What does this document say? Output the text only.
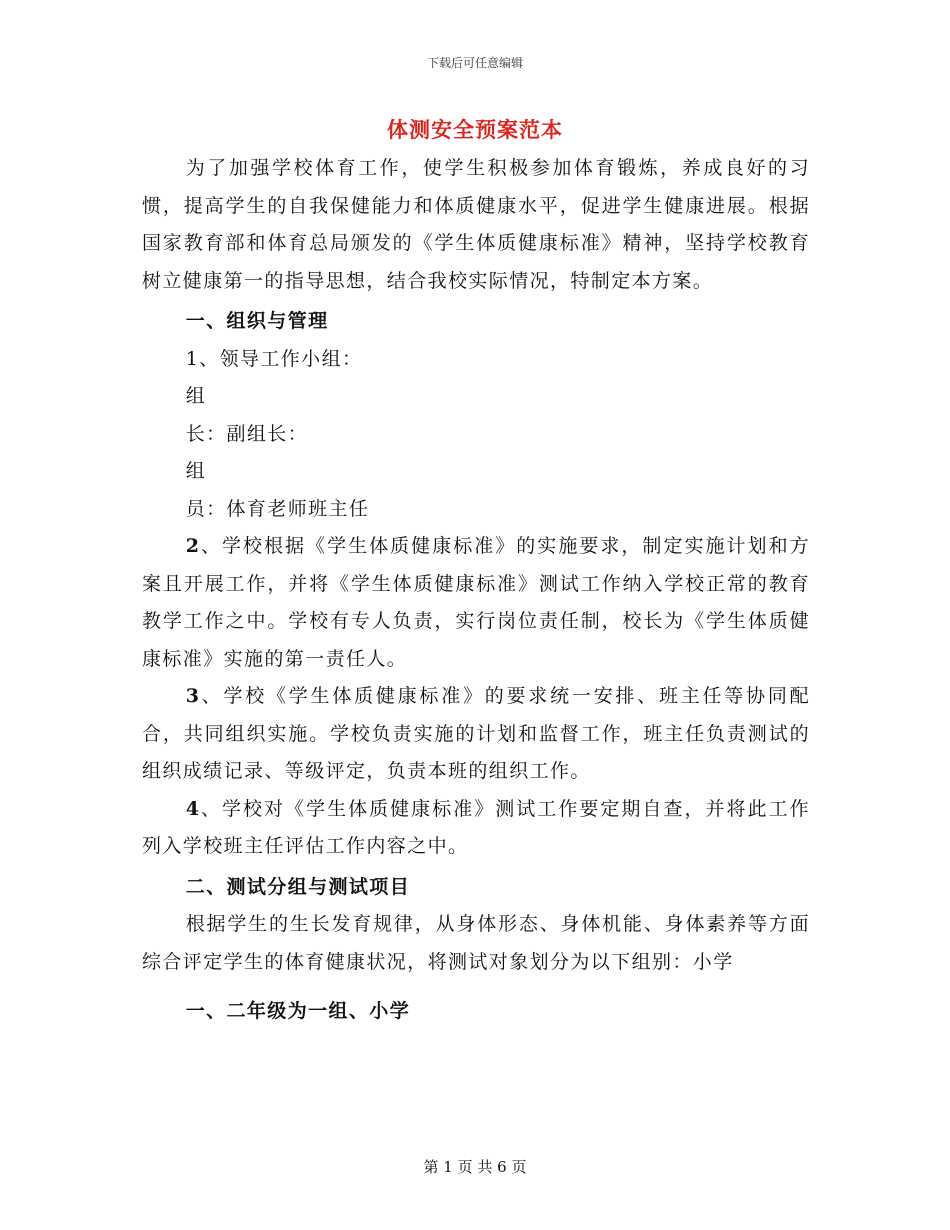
下载后可任意编辑
体测安全预案范本

为了加强学校体育工作，使学生积极参加体育锻炼，养成良好的习惯，提高学生的自我保健能力和体质健康水平，促进学生健康进展。根据国家教育部和体育总局颁发的《学生体质健康标准》精神，坚持学校教育树立健康第一的指导思想，结合我校实际情况，特制定本方案。

一、组织与管理

1、领导工作小组：

组

长：副组长：

组

员：体育老师班主任

2、学校根据《学生体质健康标准》的实施要求，制定实施计划和方案且开展工作，并将《学生体质健康标准》测试工作纳入学校正常的教育教学工作之中。学校有专人负责，实行岗位责任制，校长为《学生体质健康标准》实施的第一责任人。

3、学校《学生体质健康标准》的要求统一安排、班主任等协同配合，共同组织实施。学校负责实施的计划和监督工作，班主任负责测试的组织成绩记录、等级评定，负责本班的组织工作。

4、学校对《学生体质健康标准》测试工作要定期自查，并将此工作列入学校班主任评估工作内容之中。

二、测试分组与测试项目

根据学生的生长发育规律，从身体形态、身体机能、身体素养等方面综合评定学生的体育健康状况，将测试对象划分为以下组别：小学

一、二年级为一组、小学

第 1 页 共 6 页
